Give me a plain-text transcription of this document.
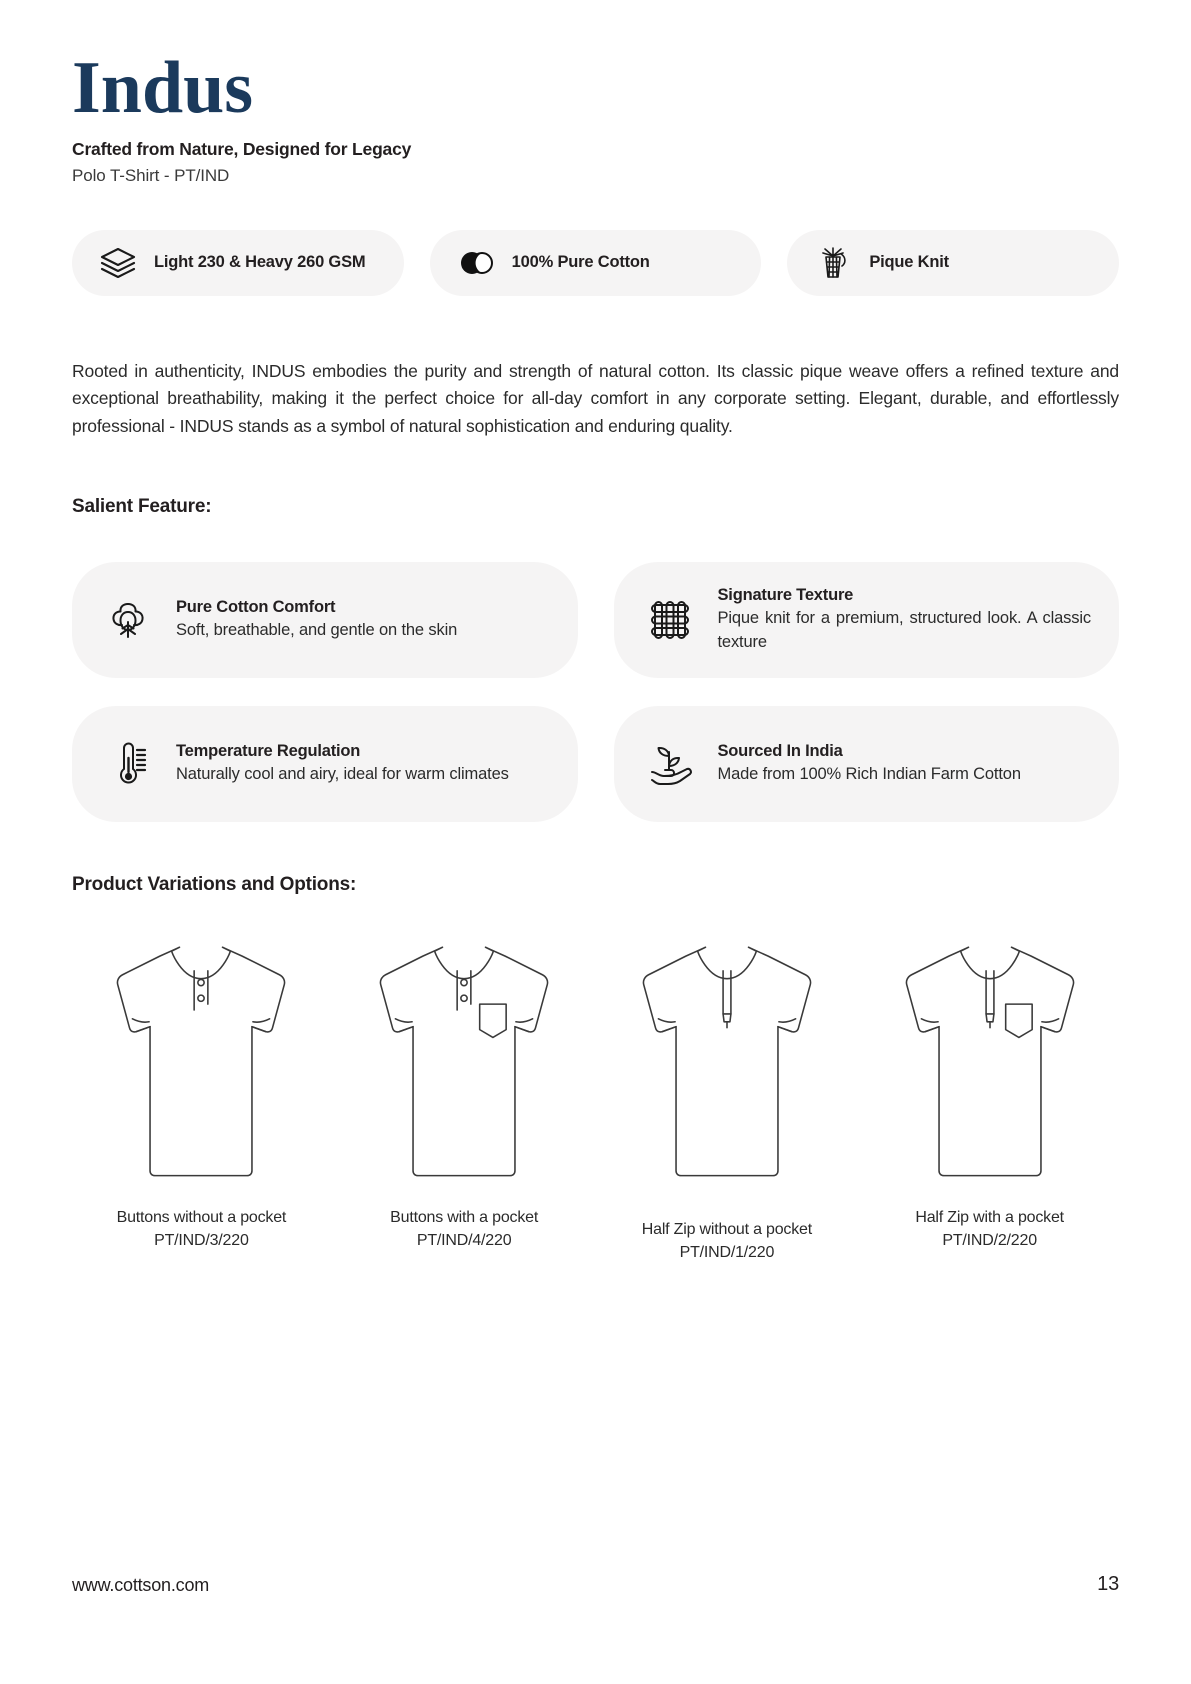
Indus
Crafted from Nature, Designed for Legacy
Polo T-Shirt - PT/IND
Light 230 & Heavy 260 GSM	100% Pure Cotton	Pique Knit

Rooted in authenticity, INDUS embodies the purity and strength of natural cotton. Its classic pique weave offers a refined texture and exceptional breathability, making it the perfect choice for all-day comfort in any corporate setting. Elegant, durable, and effortlessly professional - INDUS stands as a symbol of natural sophistication and enduring quality.

Salient Feature:
Pure Cotton Comfort
Soft, breathable, and gentle on the skin
Signature Texture
Pique knit for a premium, structured look. A classic texture
Temperature Regulation
Naturally cool and airy, ideal for warm climates
Sourced In India
Made from 100% Rich Indian Farm Cotton
Product Variations and Options:
Buttons without a pocket
PT/IND/3/220
Buttons with a pocket
PT/IND/4/220
Half Zip without a pocket
PT/IND/1/220
Half Zip with a pocket
PT/IND/2/220
www.cottson.com	13
